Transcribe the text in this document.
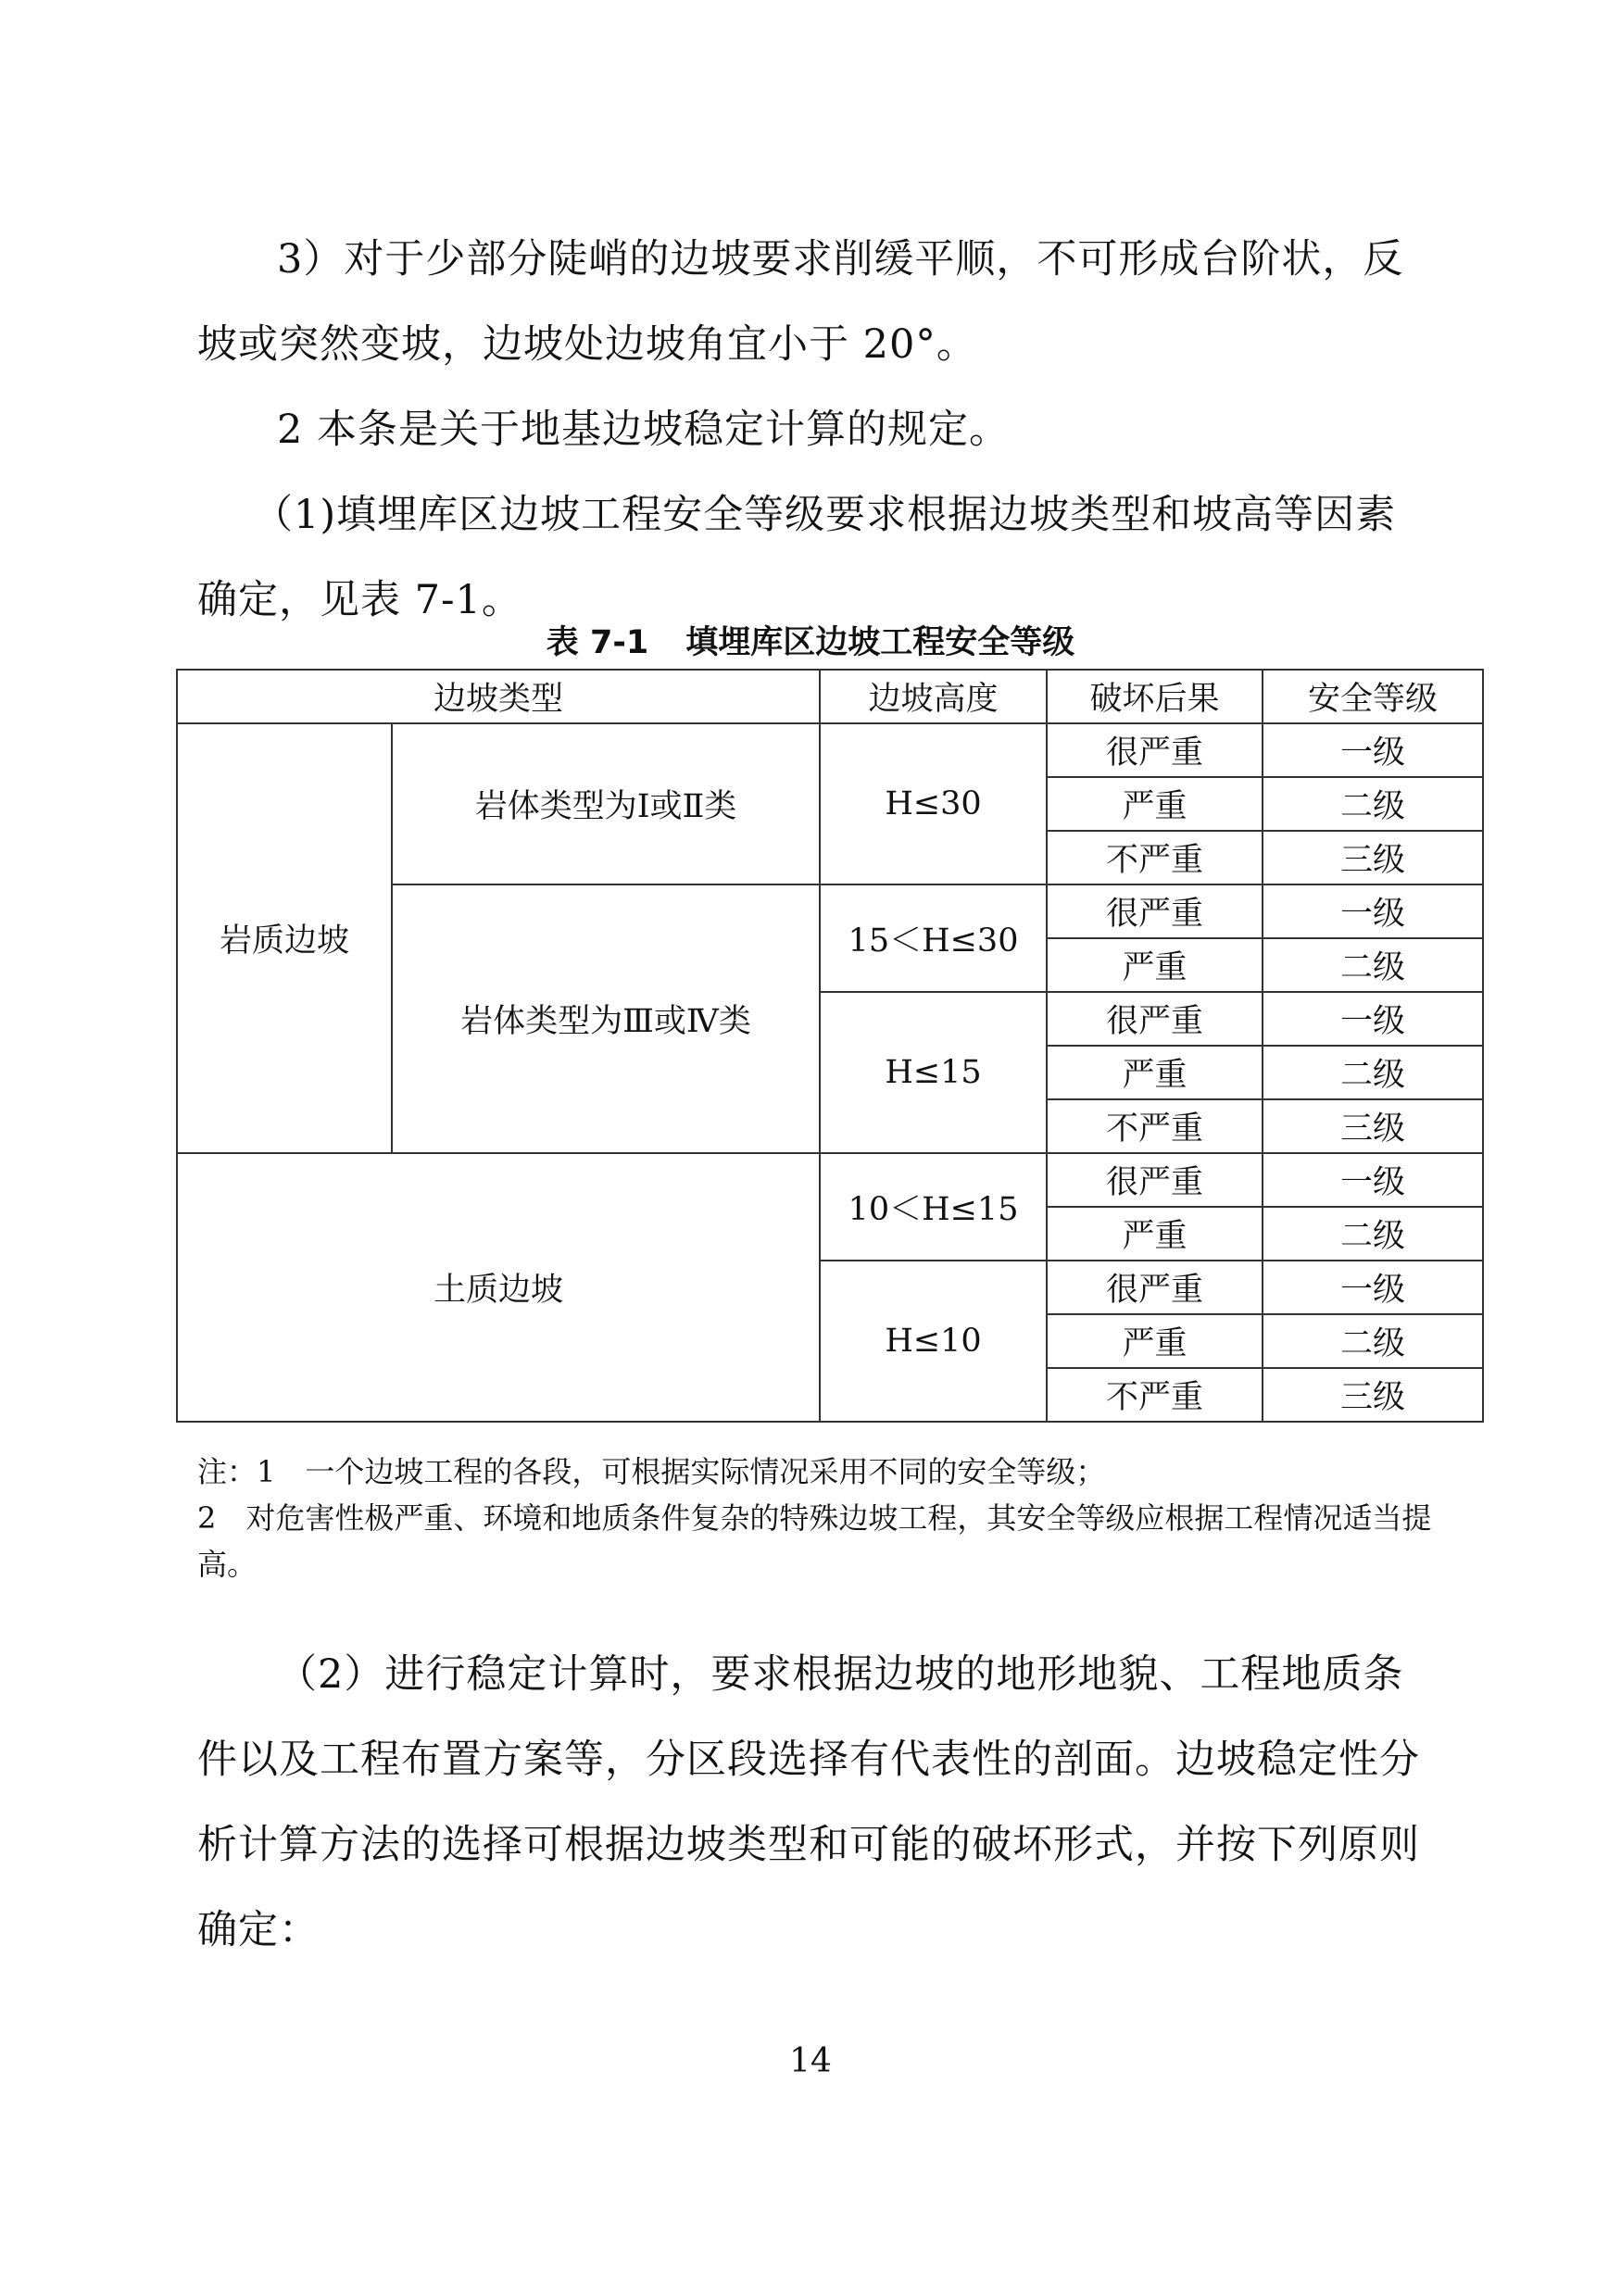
3）对于少部分陡峭的边坡要求削缓平顺，不可形成台阶状，反坡或突然变坡，边坡处边坡角宜小于 20°。

2 本条是关于地基边坡稳定计算的规定。

（1)填埋库区边坡工程安全等级要求根据边坡类型和坡高等因素确定，见表 7-1。

表 7-1 填埋库区边坡工程安全等级
边坡类型		边坡高度	破坏后果	安全等级
岩质边坡	岩体类型为Ⅰ或Ⅱ类	H≤30	很严重	一级
			严重	二级
			不严重	三级
	岩体类型为Ⅲ或Ⅳ类	15＜H≤30	很严重	一级
			严重	二级
		H≤15	很严重	一级
			严重	二级
			不严重	三级
土质边坡		10＜H≤15	很严重	一级
			严重	二级
		H≤10	很严重	一级
			严重	二级
			不严重	三级

注：1　一个边坡工程的各段，可根据实际情况采用不同的安全等级；

2　对危害性极严重、环境和地质条件复杂的特殊边坡工程，其安全等级应根据工程情况适当提高。

（2）进行稳定计算时，要求根据边坡的地形地貌、工程地质条件以及工程布置方案等，分区段选择有代表性的剖面。边坡稳定性分析计算方法的选择可根据边坡类型和可能的破坏形式，并按下列原则确定：

14
